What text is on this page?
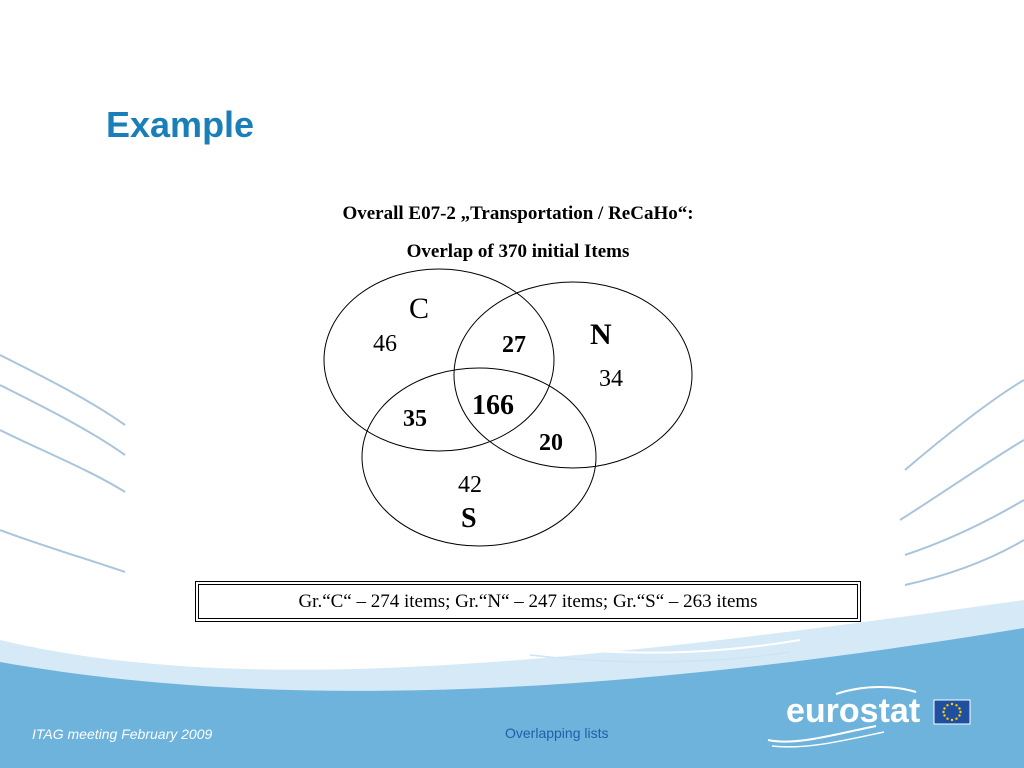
Example
Overall E07-2 „Transportation / ReCaHo“:
Overlap of 370 initial Items
C
N
S
46
34
42
27
35
20
166
Gr.“C“ – 274 items; Gr.“N“ – 247 items; Gr.“S“ – 263 items
ITAG meeting February 2009	Overlapping lists
eurostat
